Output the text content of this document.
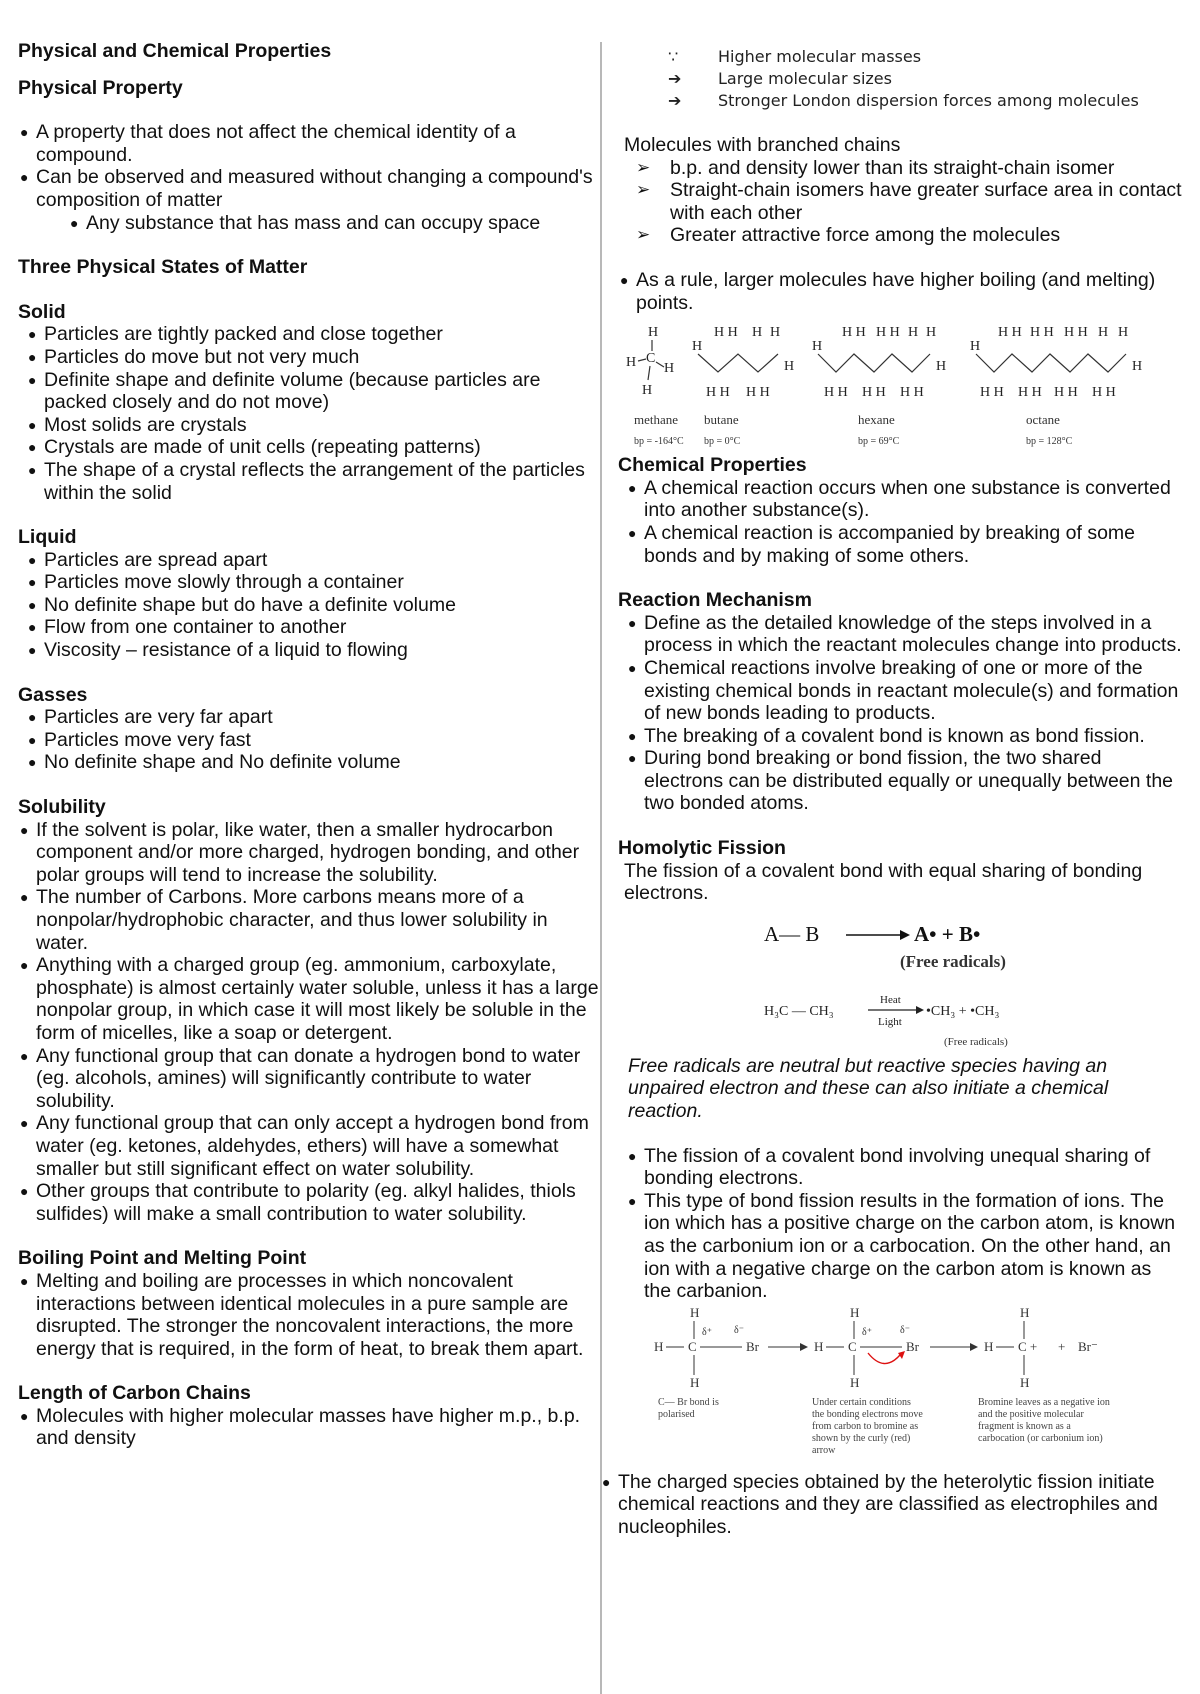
Physical and Chemical Properties
Physical Property
● A property that does not affect the chemical identity of a compound.
● Can be observed and measured without changing a compound's composition of matter
● Any substance that has mass and can occupy space
Three Physical States of Matter
Solid
● Particles are tightly packed and close together
● Particles do move but not very much
● Definite shape and definite volume (because particles are packed closely and do not move)
● Most solids are crystals
● Crystals are made of unit cells (repeating patterns)
● The shape of a crystal reflects the arrangement of the particles within the solid
Liquid
● Particles are spread apart
● Particles move slowly through a container
● No definite shape but do have a definite volume
● Flow from one container to another
● Viscosity – resistance of a liquid to flowing
Gasses
● Particles are very far apart
● Particles move very fast
● No definite shape and No definite volume
Solubility
● If the solvent is polar, like water, then a smaller hydrocarbon component and/or more charged, hydrogen bonding, and other polar groups will tend to increase the solubility.
● The number of Carbons. More carbons means more of a nonpolar/hydrophobic character, and thus lower solubility in water.
● Anything with a charged group (eg. ammonium, carboxylate, phosphate) is almost certainly water soluble, unless it has a large nonpolar group, in which case it will most likely be soluble in the form of micelles, like a soap or detergent.
● Any functional group that can donate a hydrogen bond to water (eg. alcohols, amines) will significantly contribute to water solubility.
● Any functional group that can only accept a hydrogen bond from water (eg. ketones, aldehydes, ethers) will have a somewhat smaller but still significant effect on water solubility.
● Other groups that contribute to polarity (eg. alkyl halides, thiols sulfides) will make a small contribution to water solubility.
Boiling Point and Melting Point
● Melting and boiling are processes in which noncovalent interactions between identical molecules in a pure sample are disrupted. The stronger the noncovalent interactions, the more energy that is required, in the form of heat, to break them apart.
Length of Carbon Chains
● Molecules with higher molecular masses have higher m.p., b.p. and density
∵ Higher molecular masses
➔ Large molecular sizes
➔ Stronger London dispersion forces among molecules
Molecules with branched chains
➢ b.p. and density lower than its straight-chain isomer
➢ Straight-chain isomers have greater surface area in contact with each other
➢ Greater attractive force among the molecules
● As a rule, larger molecules have higher boiling (and melting) points.
H
H C
H
H
H
H H H H
H
H H H H
H
H H H H H H
H
H H H H H H
H
H H H H H H H H
H
H H H H H H H H
methane
bp = -164°C
butane
bp = 0°C
hexane
bp = 69°C
octane
bp = 128°C
Chemical Properties
● A chemical reaction occurs when one substance is converted into another substance(s).
● A chemical reaction is accompanied by breaking of some bonds and by making of some others.
Reaction Mechanism
● Define as the detailed knowledge of the steps involved in a process in which the reactant molecules change into products.
● Chemical reactions involve breaking of one or more of the existing chemical bonds in reactant molecule(s) and formation of new bonds leading to products.
● The breaking of a covalent bond is known as bond fission.
● During bond breaking or bond fission, the two shared electrons can be distributed equally or unequally between the two bonded atoms.
Homolytic Fission
The fission of a covalent bond with equal sharing of bonding electrons.
A— B	A• + B•
(Free radicals)
H₃C — CH₃
Heat
Light
•CH₃ + •CH₃
(Free radicals)
Free radicals are neutral but reactive species having an unpaired electron and these can also initiate a chemical reaction.
● The fission of a covalent bond involving unequal sharing of bonding electrons.
● This type of bond fission results in the formation of ions. The ion which has a positive charge on the carbon atom, is known as the carbonium ion or a carbocation. On the other hand, an ion with a negative charge on the carbon atom is known as the carbanion.
H
δ⁺
H C	Br
δ⁻
H
H
δ⁺
H C	Br
δ⁻
H
H
H C +
H
+ Br⁻
C— Br bond is polarised
Under certain conditions the bonding electrons move from carbon to bromine as shown by the curly (red) arrow
Bromine leaves as a negative ion and the positive molecular fragment is known as a carbocation (or carbonium ion)
● The charged species obtained by the heterolytic fission initiate chemical reactions and they are classified as electrophiles and nucleophiles.
